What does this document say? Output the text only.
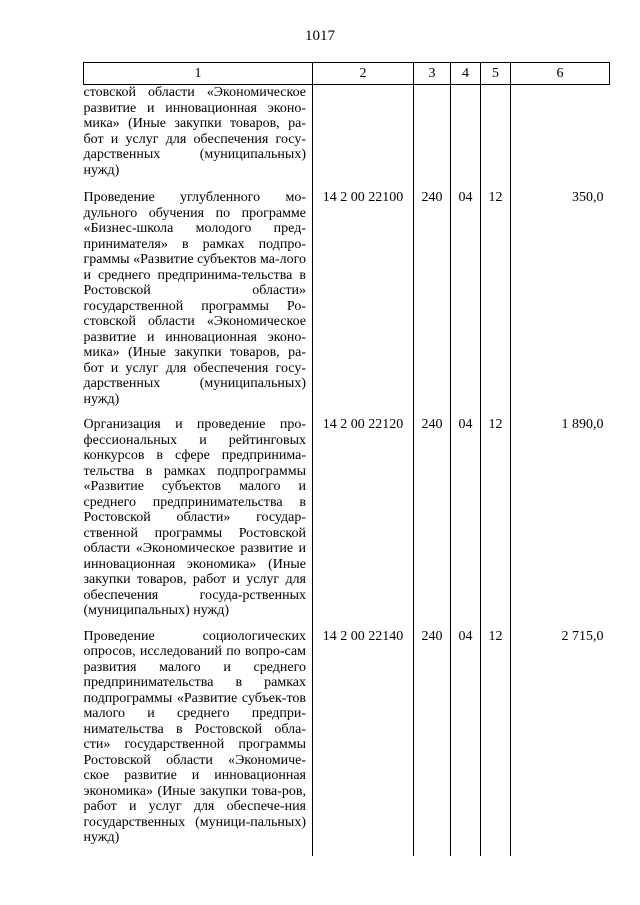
1017
1	2	3	4	5	6
стовской области «Экономическое развитие и инновационная эконо-мика» (Иные закупки товаров, ра-бот и услуг для обеспечения госу-дарственных (муниципальных) нужд)					
Проведение углубленного мо-дульного обучения по программе «Бизнес-школа молодого пред-принимателя» в рамках подпро-граммы «Развитие субъектов ма-лого и среднего предпринима-тельства в Ростовской области» государственной программы Ро-стовской области «Экономическое развитие и инновационная эконо-мика» (Иные закупки товаров, ра-бот и услуг для обеспечения госу-дарственных (муниципальных) нужд)	14 2 00 22100	240	04	12	350,0
Организация и проведение про-фессиональных и рейтинговых конкурсов в сфере предпринима-тельства в рамках подпрограммы «Развитие субъектов малого и среднего предпринимательства в Ростовской области» государ-ственной программы Ростовской области «Экономическое развитие и инновационная экономика» (Иные закупки товаров, работ и услуг для обеспечения госуда-рственных (муниципальных) нужд)	14 2 00 22120	240	04	12	1 890,0
Проведение социологических опросов, исследований по вопро-сам развития малого и среднего предпринимательства в рамках подпрограммы «Развитие субъек-тов малого и среднего предпри-нимательства в Ростовской обла-сти» государственной программы Ростовской области «Экономиче-ское развитие и инновационная экономика» (Иные закупки това-ров, работ и услуг для обеспече-ния государственных (муници-пальных) нужд)	14 2 00 22140	240	04	12	2 715,0
